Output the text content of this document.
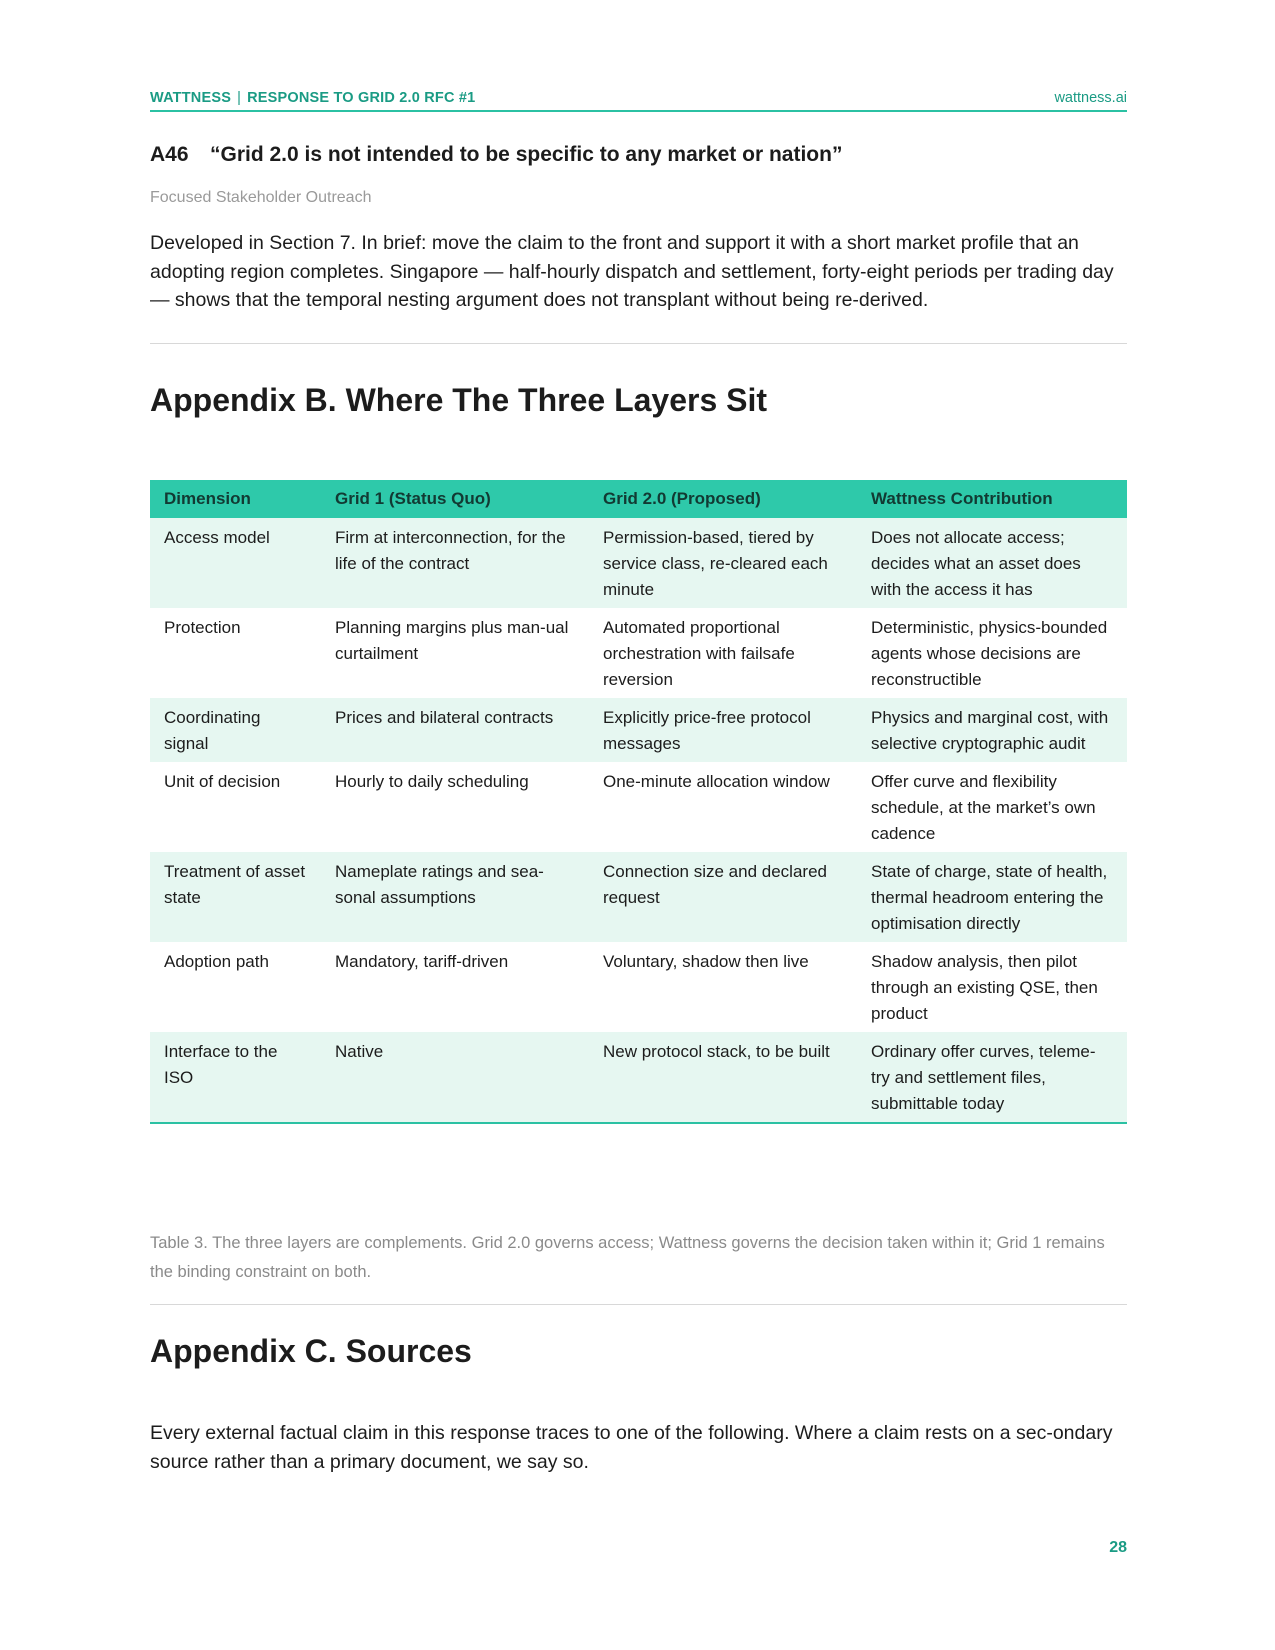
WATTNESS | RESPONSE TO GRID 2.0 RFC #1	wattness.ai
A46 “Grid 2.0 is not intended to be specific to any market or nation”
Focused Stakeholder Outreach
Developed in Section 7. In brief: move the claim to the front and support it with a short market profile that an adopting region completes. Singapore — half-hourly dispatch and settlement, forty-eight periods per trading day — shows that the temporal nesting argument does not transplant without being re-derived.
Appendix B. Where The Three Layers Sit
Dimension	Grid 1 (Status Quo)	Grid 2.0 (Proposed)	Wattness Contribution
Access model	Firm at interconnection, for the life of the contract	Permission-based, tiered by service class, re-cleared each minute	Does not allocate access; decides what an asset does with the access it has
Protection	Planning margins plus man-ual curtailment	Automated proportional orchestration with failsafe reversion	Deterministic, physics-bounded agents whose decisions are reconstructible
Coordinating signal	Prices and bilateral contracts	Explicitly price-free protocol messages	Physics and marginal cost, with selective cryptographic audit
Unit of decision	Hourly to daily scheduling	One-minute allocation window	Offer curve and flexibility schedule, at the market’s own cadence
Treatment of asset state	Nameplate ratings and sea-sonal assumptions	Connection size and declared request	State of charge, state of health, thermal headroom entering the optimisation directly
Adoption path	Mandatory, tariff-driven	Voluntary, shadow then live	Shadow analysis, then pilot through an existing QSE, then product
Interface to the ISO	Native	New protocol stack, to be built	Ordinary offer curves, teleme-try and settlement files, submittable today
Table 3. The three layers are complements. Grid 2.0 governs access; Wattness governs the decision taken within it; Grid 1 remains the binding constraint on both.
Appendix C. Sources
Every external factual claim in this response traces to one of the following. Where a claim rests on a sec-ondary source rather than a primary document, we say so.
28
